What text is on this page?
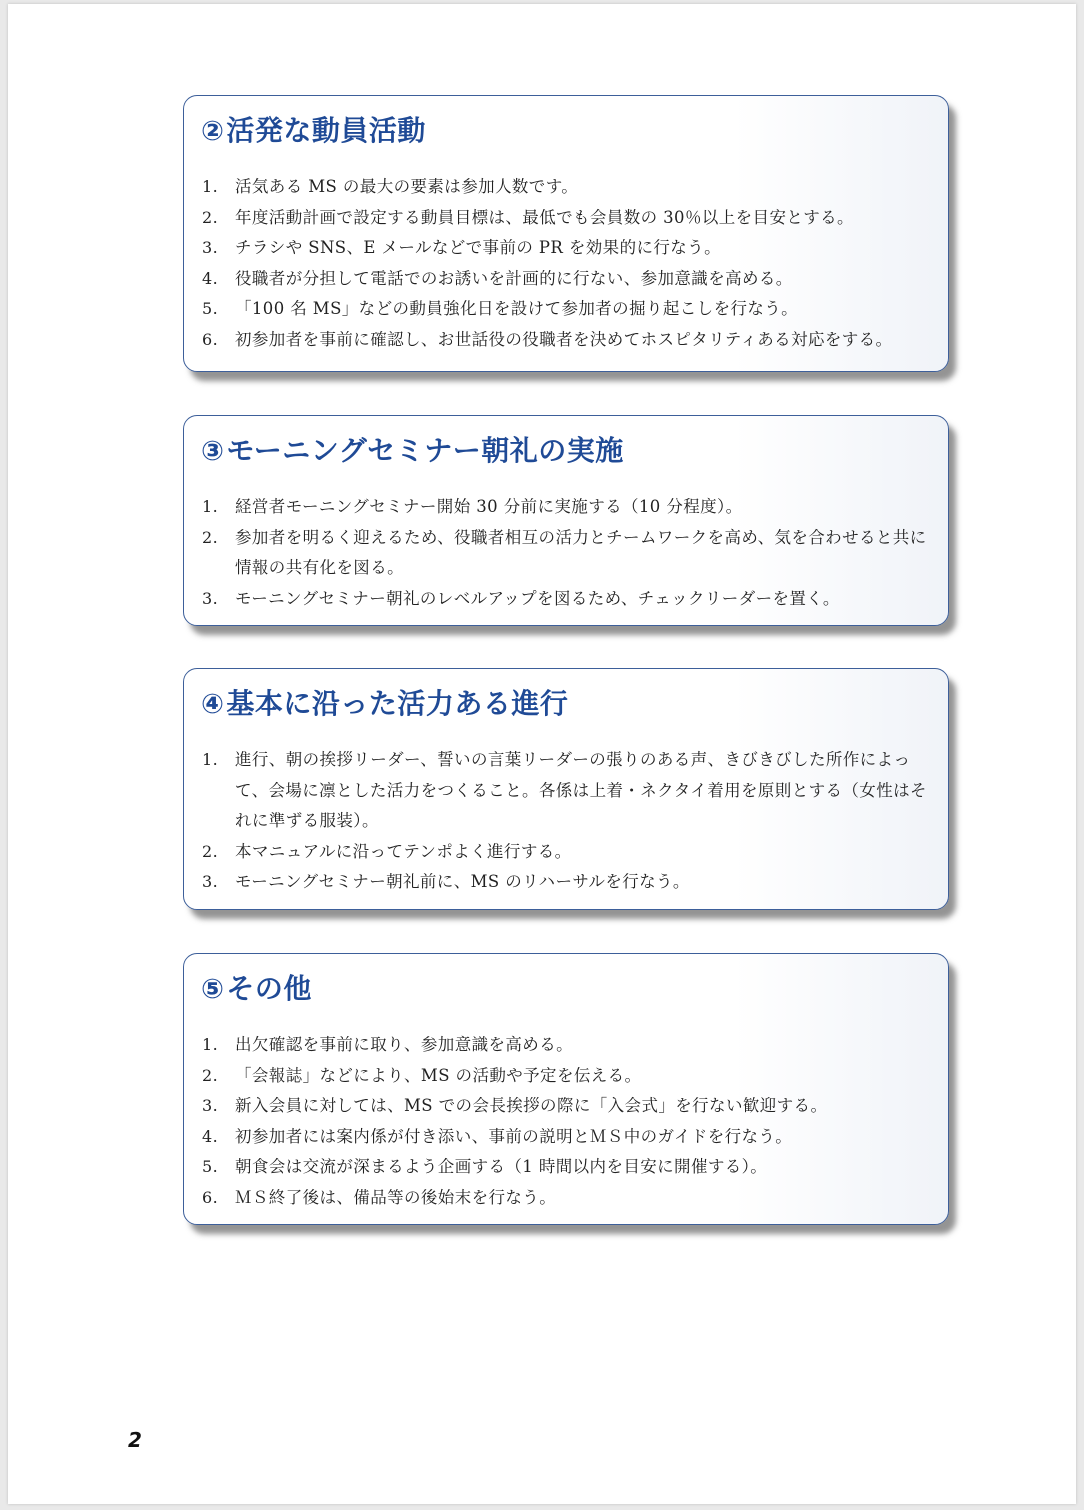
②活発な動員活動
1.	活気ある MS の最大の要素は参加人数です。
2.	年度活動計画で設定する動員目標は、最低でも会員数の 30％以上を目安とする。
3.	チラシや SNS、E メールなどで事前の PR を効果的に行なう。
4.	役職者が分担して電話でのお誘いを計画的に行ない、参加意識を高める。
5.	「100 名 MS」などの動員強化日を設けて参加者の掘り起こしを行なう。
6.	初参加者を事前に確認し、お世話役の役職者を決めてホスピタリティある対応をする。
③モーニングセミナー朝礼の実施
1.	経営者モーニングセミナー開始 30 分前に実施する（10 分程度）。
2.	参加者を明るく迎えるため、役職者相互の活力とチームワークを高め、気を合わせると共に情報の共有化を図る。
3.	モーニングセミナー朝礼のレベルアップを図るため、チェックリーダーを置く。
④基本に沿った活力ある進行
1.	進行、朝の挨拶リーダー、誓いの言葉リーダーの張りのある声、きびきびした所作によって、会場に凛とした活力をつくること。各係は上着・ネクタイ着用を原則とする（女性はそれに準ずる服装）。
2.	本マニュアルに沿ってテンポよく進行する。
3.	モーニングセミナー朝礼前に、MS のリハーサルを行なう。
⑤その他
1.	出欠確認を事前に取り、参加意識を高める。
2.	「会報誌」などにより、MS の活動や予定を伝える。
3.	新入会員に対しては、MS での会長挨拶の際に「入会式」を行ない歓迎する。
4.	初参加者には案内係が付き添い、事前の説明とＭＳ中のガイドを行なう。
5.	朝食会は交流が深まるよう企画する（1 時間以内を目安に開催する）。
6.	ＭＳ終了後は、備品等の後始末を行なう。
2
